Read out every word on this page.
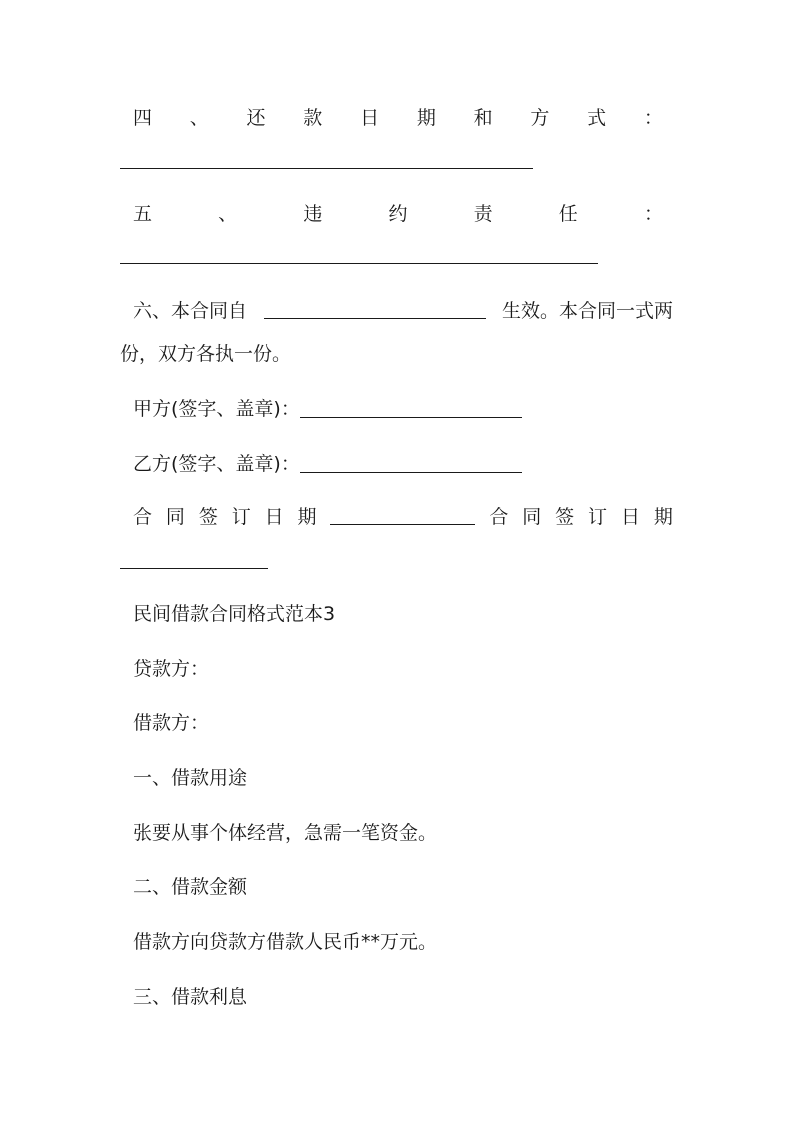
四 、 还 款 日 期 和 方 式 ：
五	、	违	约	责	任	：
六、本合同自	生效。本合同一式两
份，双方各执一份。
甲方(签字、盖章)：
乙方(签字、盖章)：
合 同 签 订 日 期	合 同 签 订 日 期
民间借款合同格式范本3
贷款方：
借款方：
一、借款用途
张要从事个体经营，急需一笔资金。
二、借款金额
借款方向贷款方借款人民币**万元。
三、借款利息
